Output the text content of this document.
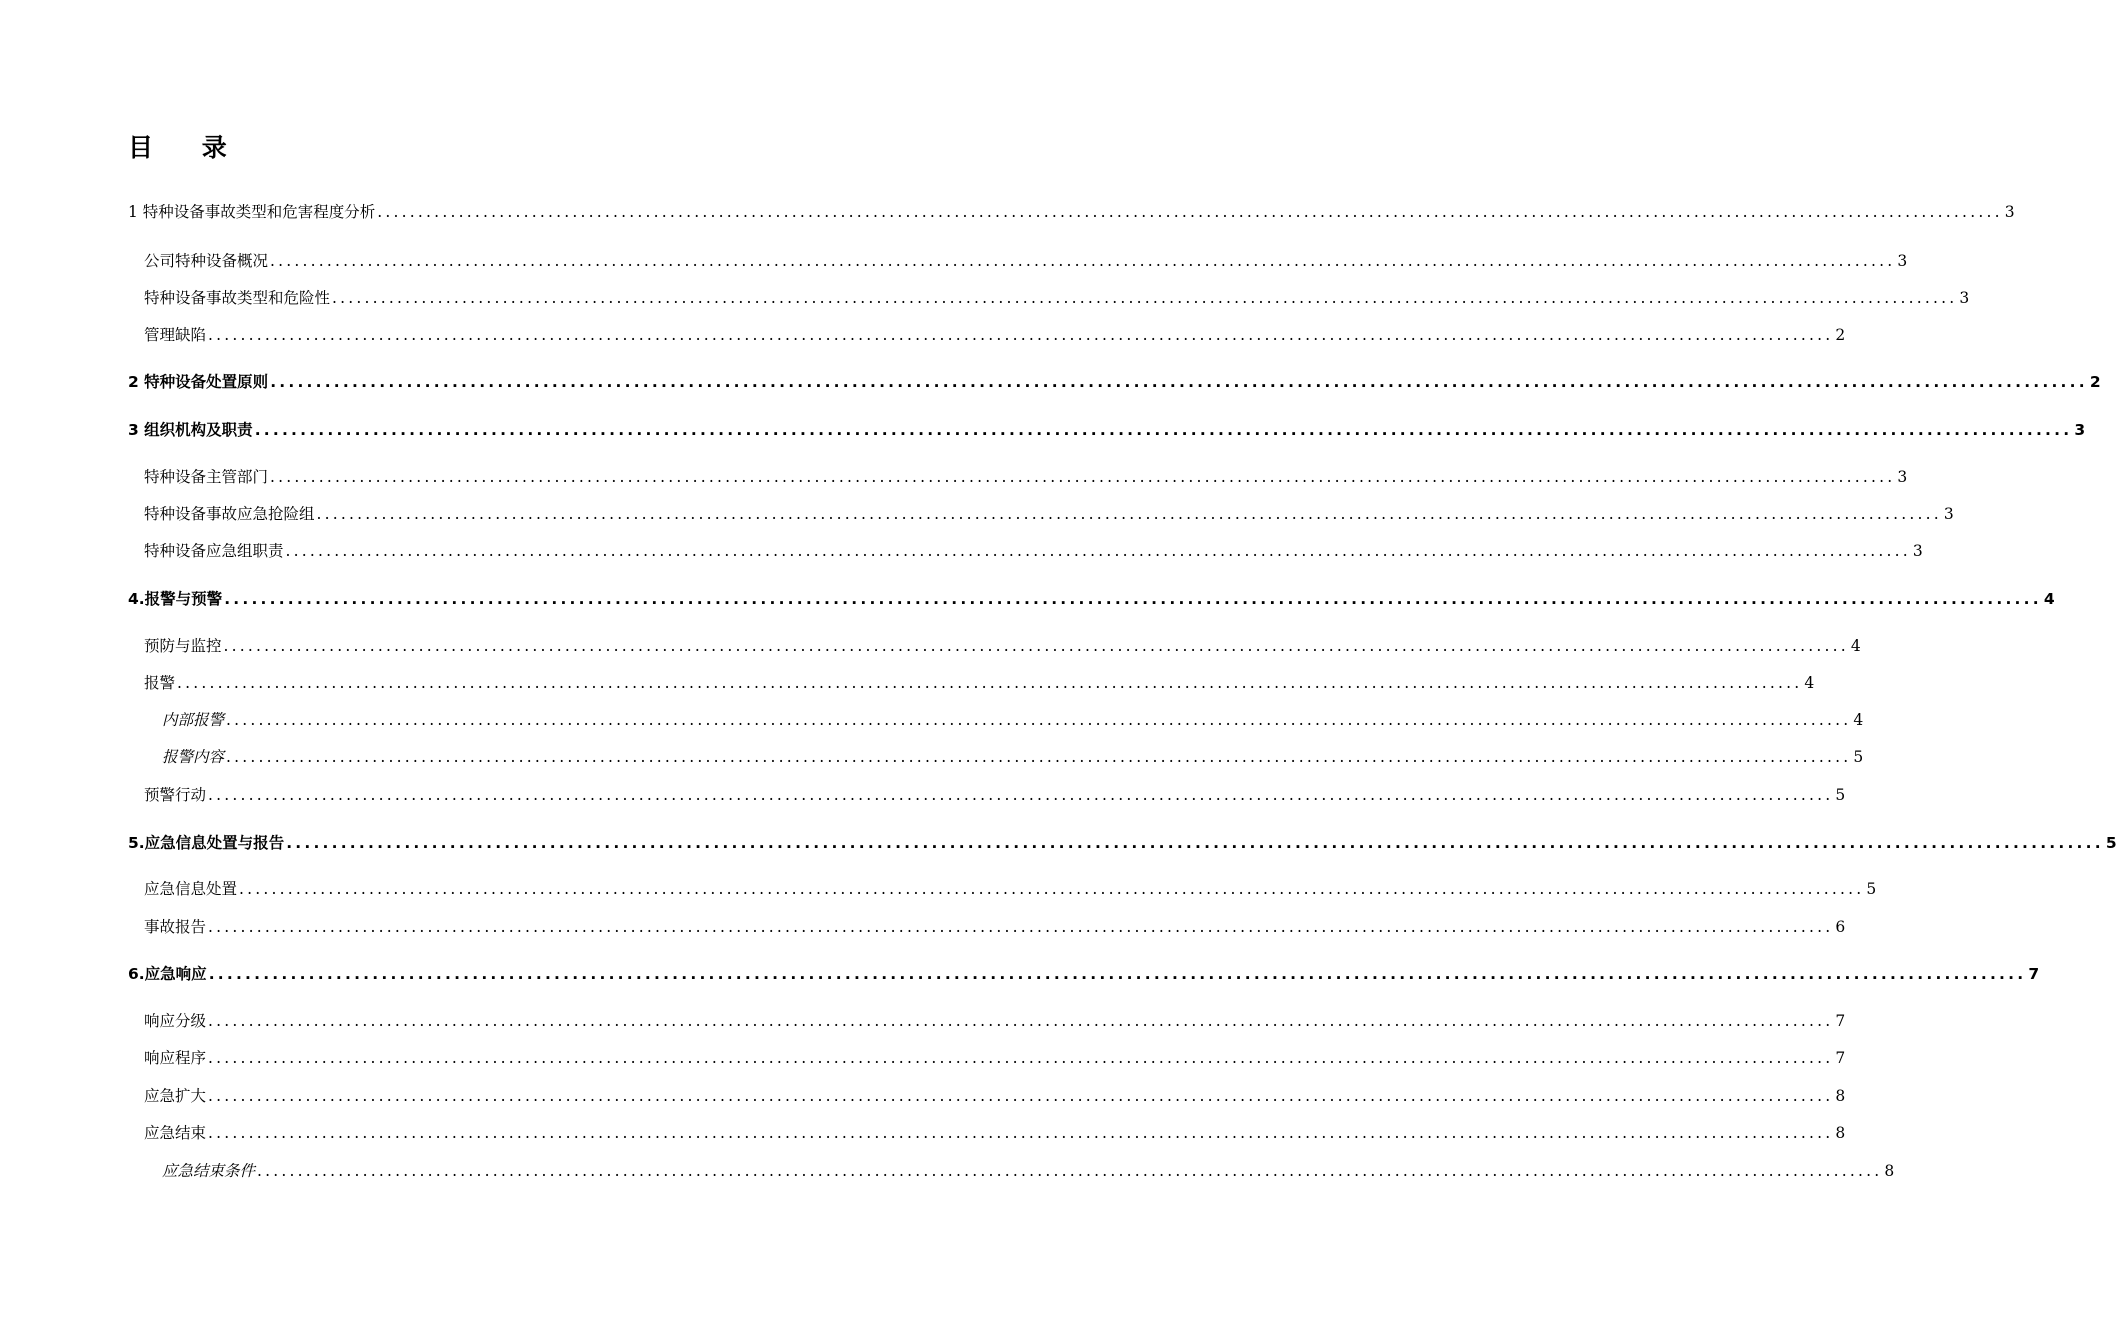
目 录
1 特种设备事故类型和危害程度分析 ........................................................................................................................................................................................................ 3
公司特种设备概况 ........................................................................................................................................................................................................ 3
特种设备事故类型和危险性 ........................................................................................................................................................................................................ 3
管理缺陷 ........................................................................................................................................................................................................ 2
2 特种设备处置原则 ........................................................................................................................................................................................................ 2
3 组织机构及职责 ........................................................................................................................................................................................................ 3
特种设备主管部门 ........................................................................................................................................................................................................ 3
特种设备事故应急抢险组 ........................................................................................................................................................................................................ 3
特种设备应急组职责 ........................................................................................................................................................................................................ 3
4.报警与预警 ........................................................................................................................................................................................................ 4
预防与监控 ........................................................................................................................................................................................................ 4
报警 ........................................................................................................................................................................................................ 4
内部报警 ........................................................................................................................................................................................................ 4
报警内容 ........................................................................................................................................................................................................ 5
预警行动 ........................................................................................................................................................................................................ 5
5.应急信息处置与报告 ........................................................................................................................................................................................................ 5
应急信息处置 ........................................................................................................................................................................................................ 5
事故报告 ........................................................................................................................................................................................................ 6
6.应急响应 ........................................................................................................................................................................................................ 7
响应分级 ........................................................................................................................................................................................................ 7
响应程序 ........................................................................................................................................................................................................ 7
应急扩大 ........................................................................................................................................................................................................ 8
应急结束 ........................................................................................................................................................................................................ 8
应急结束条件 ........................................................................................................................................................................................................ 8
